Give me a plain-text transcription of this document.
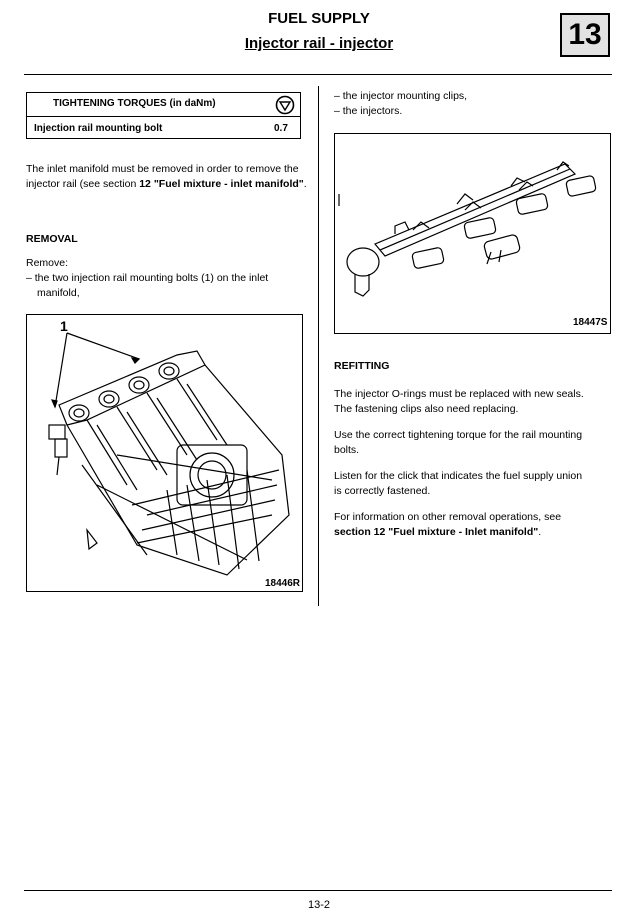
FUEL SUPPLY
Injector rail - injector	13
TIGHTENING TORQUES (in daNm)
Injection rail mounting bolt	0.7
The inlet manifold must be removed in order to remove the injector rail (see section 12 "Fuel mixture - inlet manifold".
REMOVAL
Remove:
– the two injection rail mounting bolts (1) on the inlet
manifold,
1
18446R
– the injector mounting clips,
– the injectors.
18447S
REFITTING
The injector O-rings must be replaced with new seals.
The fastening clips also need replacing.
Use the correct tightening torque for the rail mounting
bolts.
Listen for the click that indicates the fuel supply union
is correctly fastened.
For information on other removal operations, see
section 12 "Fuel mixture - Inlet manifold".
13-2
